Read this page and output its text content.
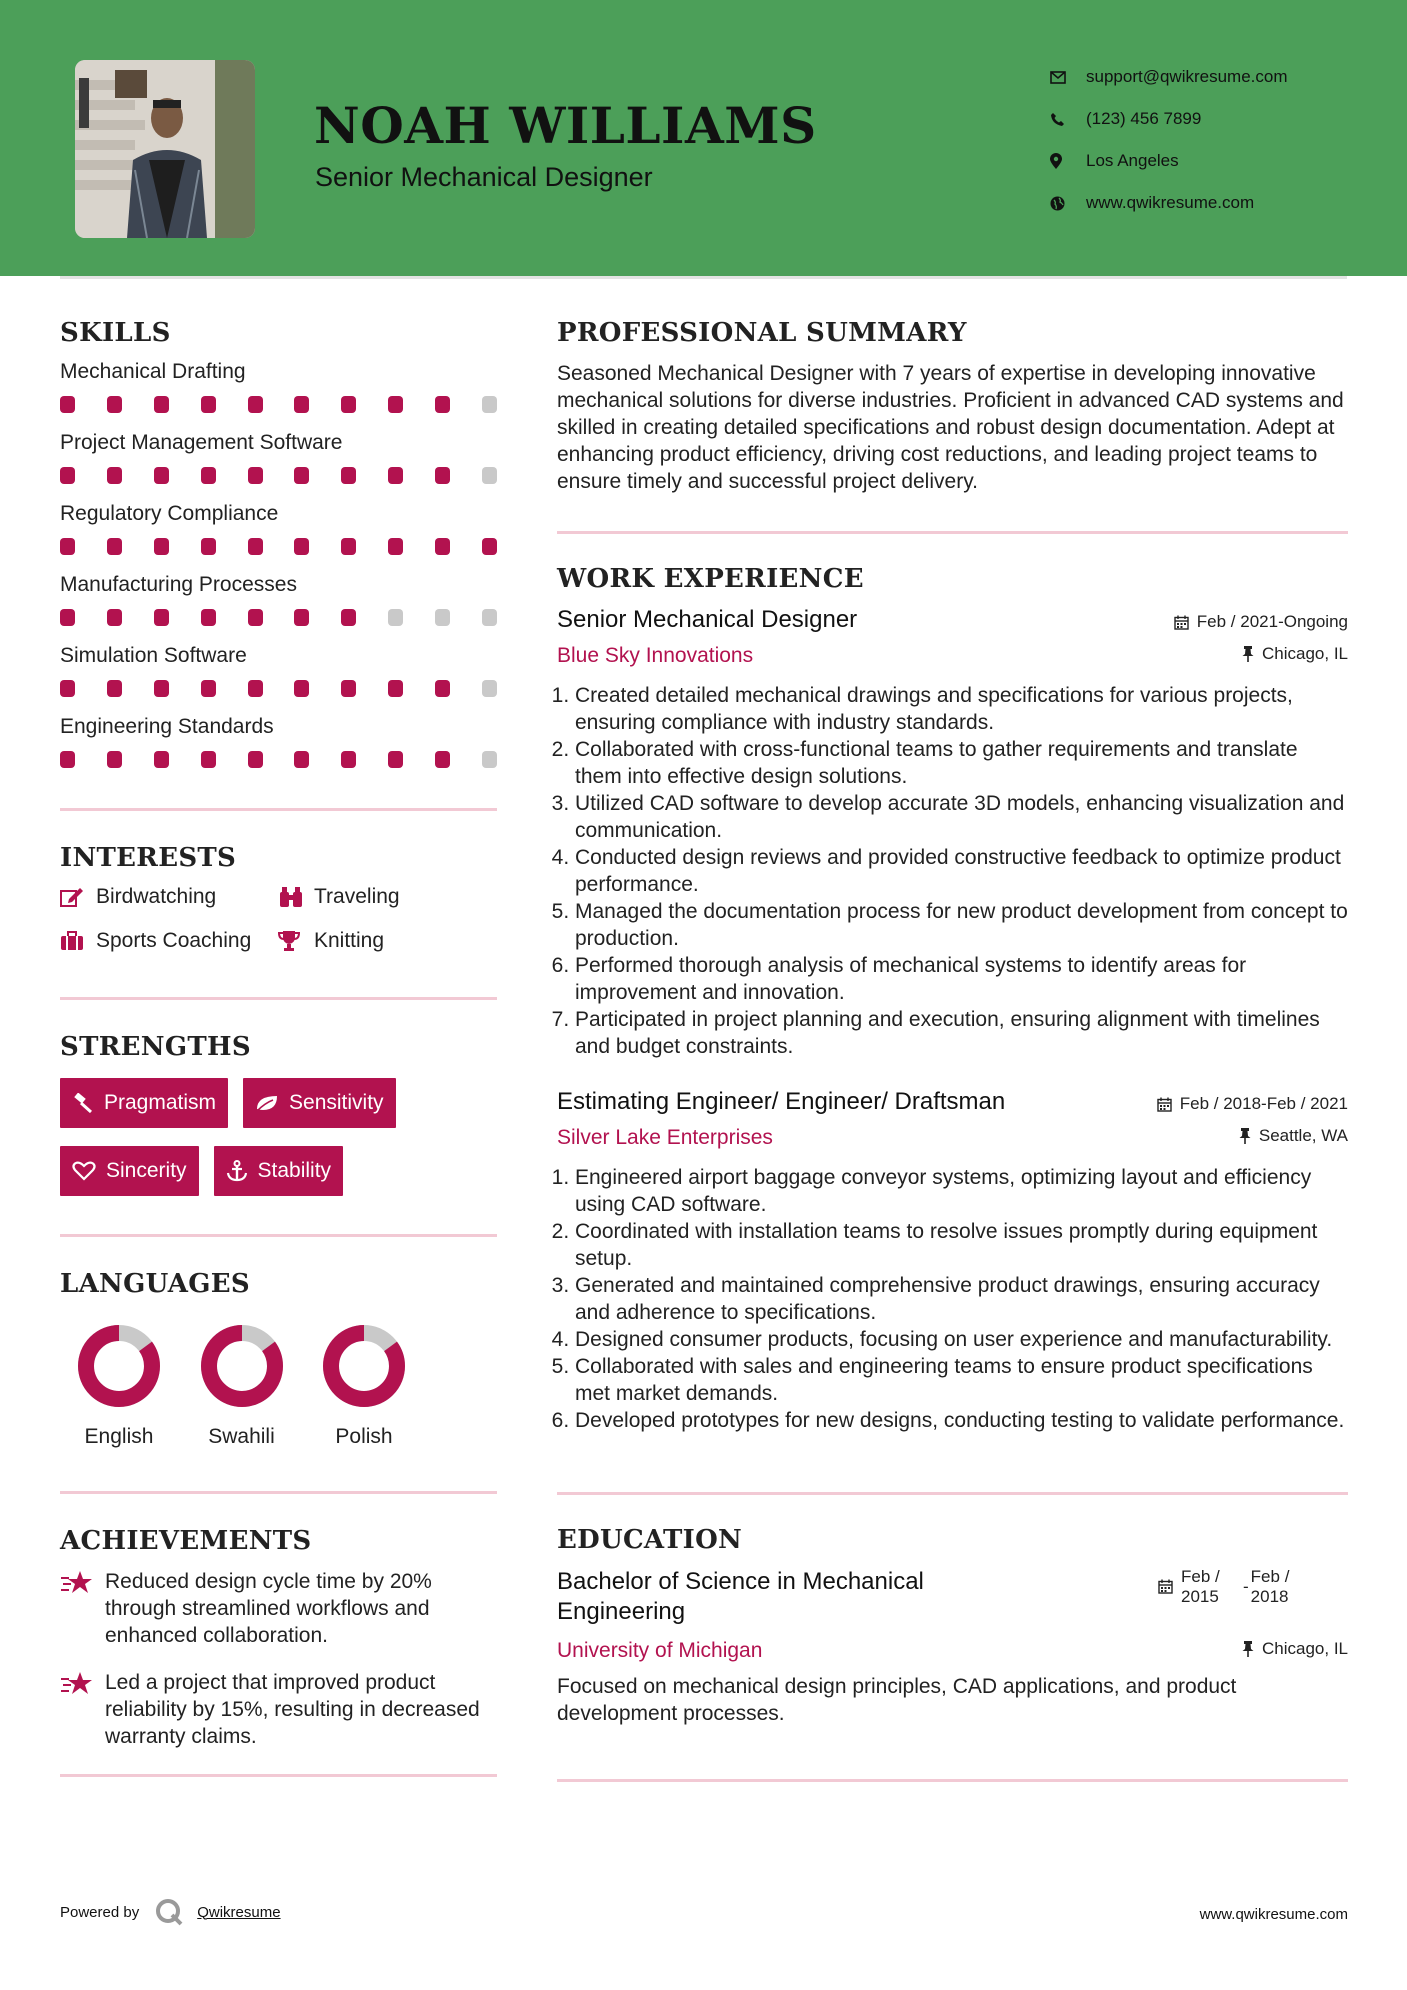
NOAH WILLIAMS
Senior Mechanical Designer
support@qwikresume.com
(123) 456 7899
Los Angeles
www.qwikresume.com
SKILLS
Mechanical Drafting
Project Management Software
Regulatory Compliance
Manufacturing Processes
Simulation Software
Engineering Standards
INTERESTS
Birdwatching	Traveling
Sports Coaching	Knitting
STRENGTHS
Pragmatism	Sensitivity
Sincerity	Stability
LANGUAGES
English	Swahili	Polish
ACHIEVEMENTS
Reduced design cycle time by 20% through streamlined workflows and enhanced collaboration.
Led a project that improved product reliability by 15%, resulting in decreased warranty claims.
PROFESSIONAL SUMMARY
Seasoned Mechanical Designer with 7 years of expertise in developing innovative mechanical solutions for diverse industries. Proficient in advanced CAD systems and skilled in creating detailed specifications and robust design documentation. Adept at enhancing product efficiency, driving cost reductions, and leading project teams to ensure timely and successful project delivery.
WORK EXPERIENCE
Senior Mechanical Designer	Feb / 2021-Ongoing
Blue Sky Innovations	Chicago, IL
1. Created detailed mechanical drawings and specifications for various projects, ensuring compliance with industry standards.
2. Collaborated with cross-functional teams to gather requirements and translate them into effective design solutions.
3. Utilized CAD software to develop accurate 3D models, enhancing visualization and communication.
4. Conducted design reviews and provided constructive feedback to optimize product performance.
5. Managed the documentation process for new product development from concept to production.
6. Performed thorough analysis of mechanical systems to identify areas for improvement and innovation.
7. Participated in project planning and execution, ensuring alignment with timelines and budget constraints.
Estimating Engineer/ Engineer/ Draftsman	Feb / 2018-Feb / 2021
Silver Lake Enterprises	Seattle, WA
1. Engineered airport baggage conveyor systems, optimizing layout and efficiency using CAD software.
2. Coordinated with installation teams to resolve issues promptly during equipment setup.
3. Generated and maintained comprehensive product drawings, ensuring accuracy and adherence to specifications.
4. Designed consumer products, focusing on user experience and manufacturability.
5. Collaborated with sales and engineering teams to ensure product specifications met market demands.
6. Developed prototypes for new designs, conducting testing to validate performance.
EDUCATION
Bachelor of Science in Mechanical Engineering
Feb /
2015
-
Feb /
2018
University of Michigan	Chicago, IL
Focused on mechanical design principles, CAD applications, and product development processes.
Powered by	Qwikresume	www.qwikresume.com
